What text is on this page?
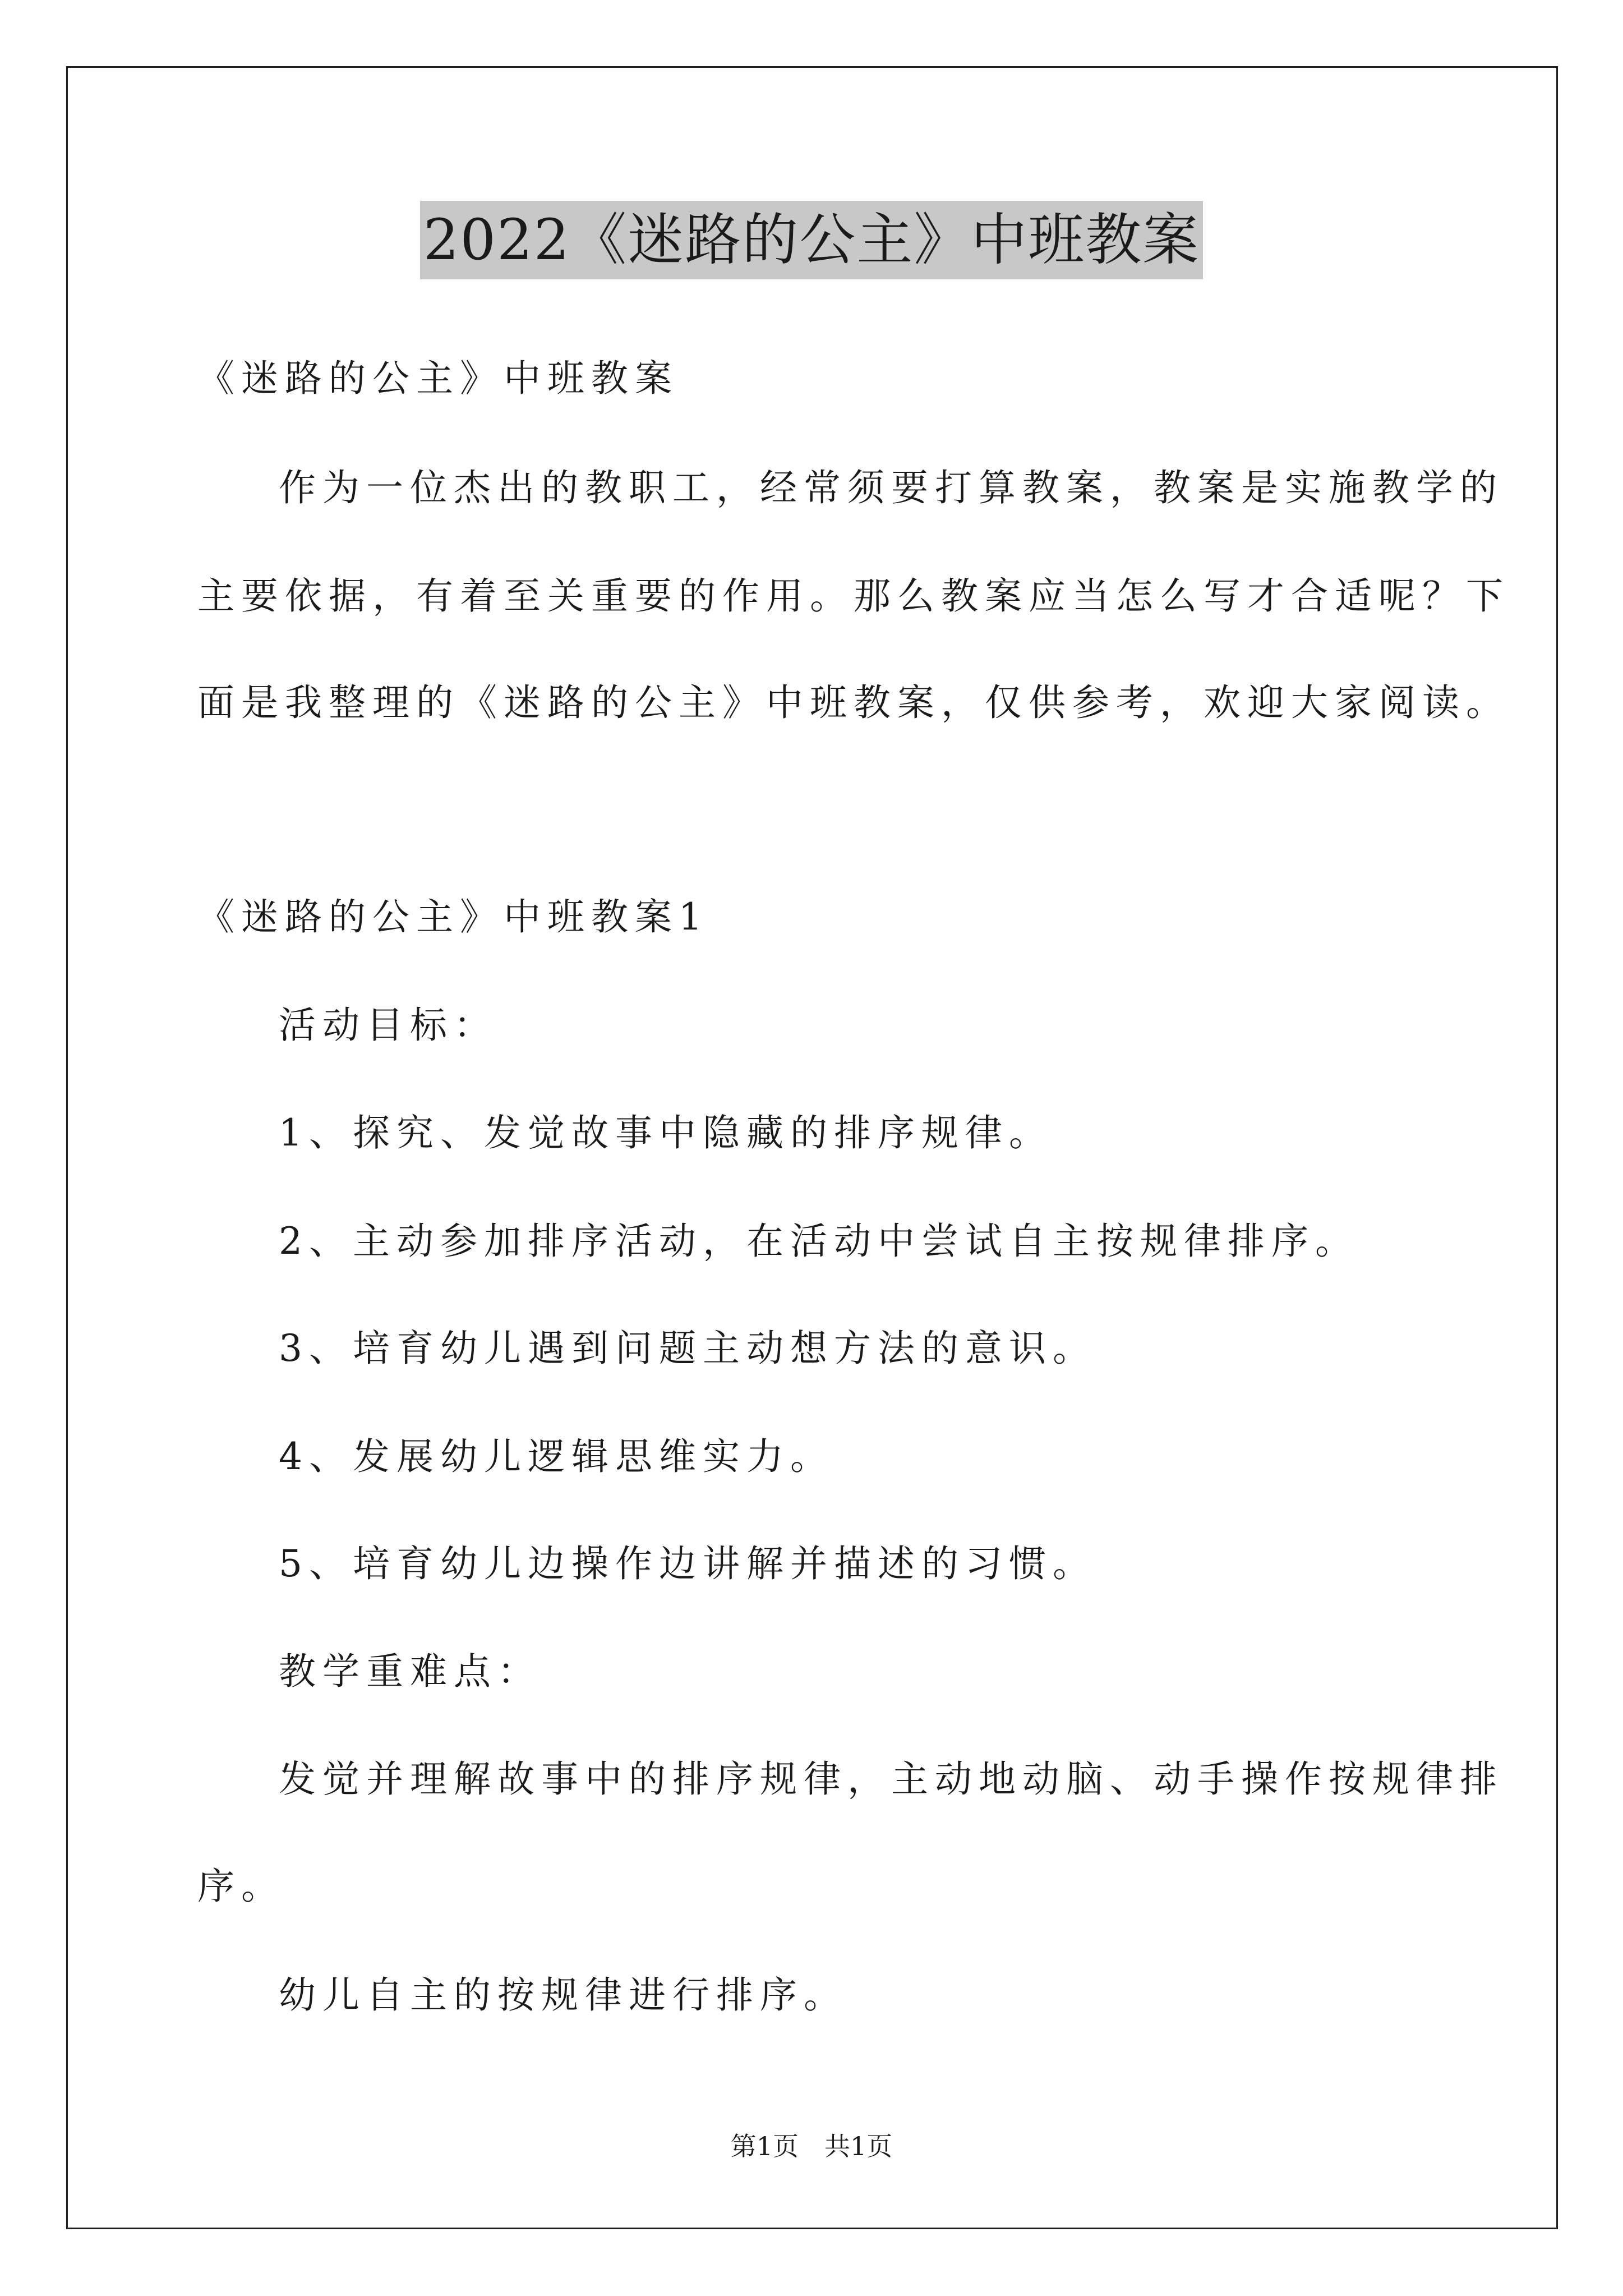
2022《迷路的公主》中班教案
《迷路的公主》中班教案
作为一位杰出的教职工，经常须要打算教案，教案是实施教学的
主要依据，有着至关重要的作用。那么教案应当怎么写才合适呢？下
面是我整理的《迷路的公主》中班教案，仅供参考，欢迎大家阅读。
《迷路的公主》中班教案1
活动目标：
1、探究、发觉故事中隐藏的排序规律。
2、主动参加排序活动，在活动中尝试自主按规律排序。
3、培育幼儿遇到问题主动想方法的意识。
4、发展幼儿逻辑思维实力。
5、培育幼儿边操作边讲解并描述的习惯。
教学重难点：
发觉并理解故事中的排序规律，主动地动脑、动手操作按规律排
序。
幼儿自主的按规律进行排序。
第1页　共1页
